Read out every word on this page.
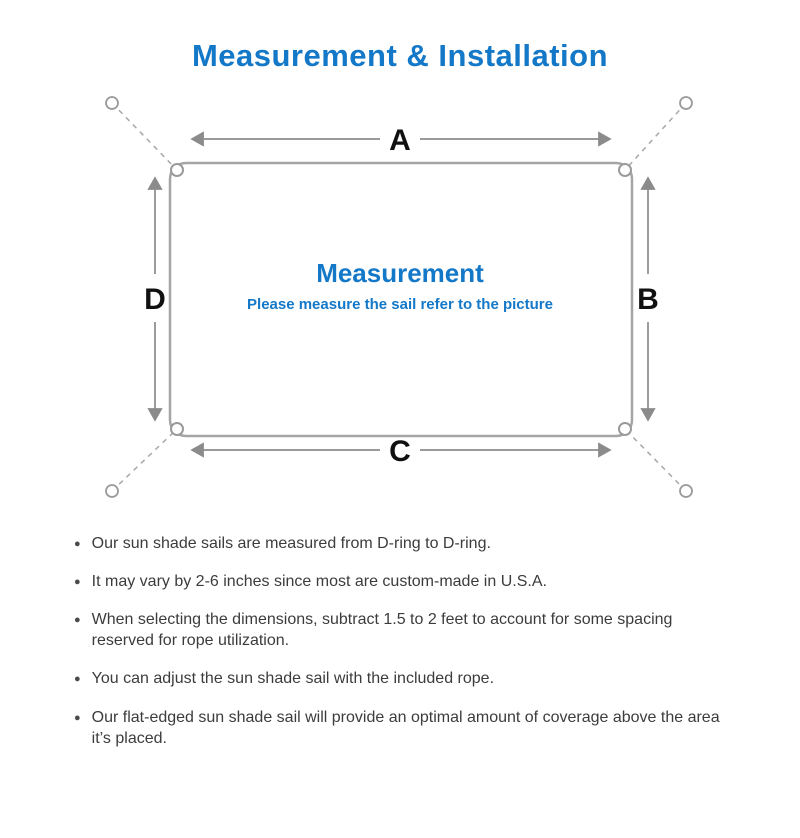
Measurement & Installation
A
C
D	B
Measurement
Please measure the sail refer to the picture
● Our sun shade sails are measured from D-ring to D-ring.
● It may vary by 2-6 inches since most are custom-made in U.S.A.
● When selecting the dimensions, subtract 1.5 to 2 feet to account for some spacing reserved for rope utilization.
● You can adjust the sun shade sail with the included rope.
● Our flat-edged sun shade sail will provide an optimal amount of coverage above the area it’s placed.
